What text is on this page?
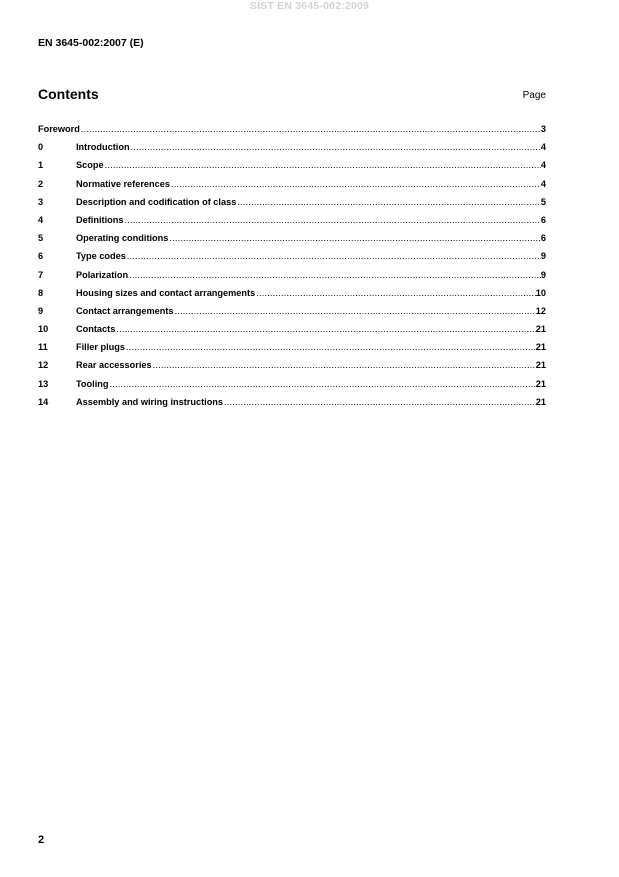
SIST EN 3645-002:2009
EN 3645-002:2007 (E)
Contents	Page
Foreword .....	3
0	Introduction .....	4
1	Scope .....	4
2	Normative references .....	4
3	Description and codification of class .....	5
4	Definitions .....	6
5	Operating conditions .....	6
6	Type codes .....	9
7	Polarization .....	9
8	Housing sizes and contact arrangements .....	10
9	Contact arrangements .....	12
10	Contacts .....	21
11	Filler plugs .....	21
12	Rear accessories .....	21
13	Tooling .....	21
14	Assembly and wiring instructions .....	21
2
